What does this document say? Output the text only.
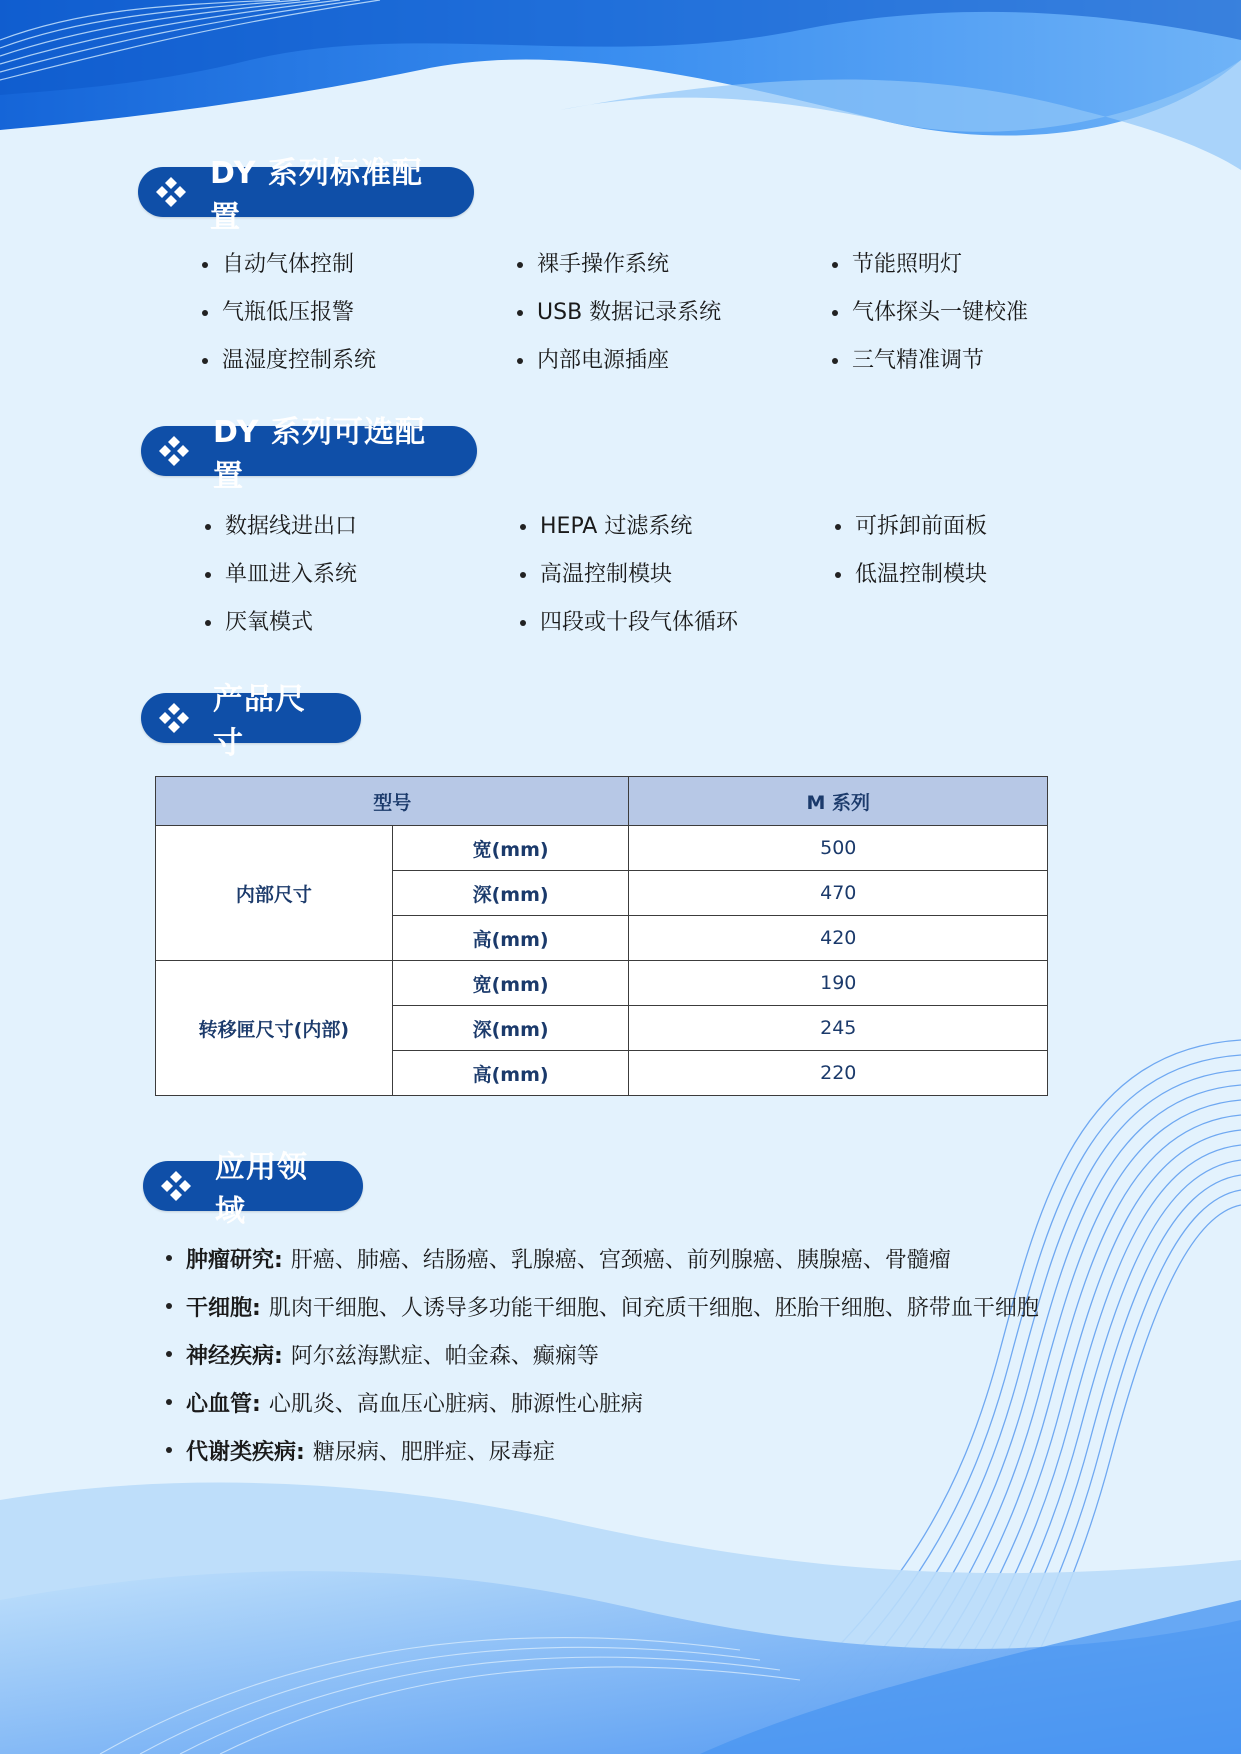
DY 系列标准配置
自动气体控制	裸手操作系统	节能照明灯
气瓶低压报警	USB 数据记录系统	气体探头一键校准
温湿度控制系统	内部电源插座	三气精准调节
DY 系列可选配置
数据线进出口	HEPA 过滤系统	可拆卸前面板
单皿进入系统	高温控制模块	低温控制模块
厌氧模式	四段或十段气体循环
产品尺寸
型号		M 系列
内部尺寸	宽(mm)	500
	深(mm)	470
	高(mm)	420
转移匣尺寸(内部)	宽(mm)	190
	深(mm)	245
	高(mm)	220
应用领域
肿瘤研究: 肝癌、肺癌、结肠癌、乳腺癌、宫颈癌、前列腺癌、胰腺癌、骨髓瘤
干细胞: 肌肉干细胞、人诱导多功能干细胞、间充质干细胞、胚胎干细胞、脐带血干细胞
神经疾病: 阿尔兹海默症、帕金森、癫痫等
心血管: 心肌炎、高血压心脏病、肺源性心脏病
代谢类疾病: 糖尿病、肥胖症、尿毒症
